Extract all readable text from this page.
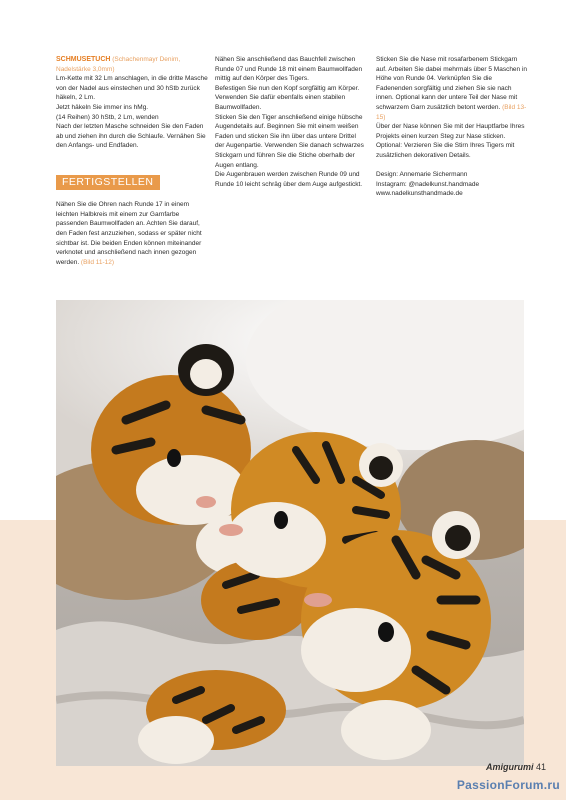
SCHMUSETUCH (Schachenmayr Denim, Nadelstärke 3,0mm)
Lm-Kette mit 32 Lm anschlagen, in die dritte Masche von der Nadel aus einstechen und 30 hStb zurück häkeln, 2 Lm.
Jetzt häkeln Sie immer ins hMg.
(14 Reihen) 30 hStb, 2 Lm, wenden
Nach der letzten Masche schneiden Sie den Faden ab und ziehen ihn durch die Schlaufe. Vernähen Sie den Anfangs- und Endfaden.

FERTIGSTELLEN

Nähen Sie die Ohren nach Runde 17 in einem leichten Halbkreis mit einem zur Garnfarbe passenden Baumwollfaden an. Achten Sie darauf, den Faden fest anzuziehen, sodass er später nicht sichtbar ist. Die beiden Enden können miteinander verknotet und anschließend nach innen gezogen werden. (Bild 11-12)

Nähen Sie anschließend das Bauchfell zwischen Runde 07 und Runde 18 mit einem Baumwollfaden mittig auf den Körper des Tigers.

Befestigen Sie nun den Kopf sorgfältig am Körper. Verwenden Sie dafür ebenfalls einen stabilen Baumwollfaden.

Sticken Sie den Tiger anschließend einige hübsche Augendetails auf. Beginnen Sie mit einem weißen Faden und sticken Sie ihn über das untere Drittel der Augenpartie. Verwenden Sie danach schwarzes Stickgarn und führen Sie die Stiche oberhalb der Augen entlang.

Die Augenbrauen werden zwischen Runde 09 und Runde 10 leicht schräg über dem Auge aufgestickt.

Sticken Sie die Nase mit rosafarbenem Stickgarn auf. Arbeiten Sie dabei mehrmals über 5 Maschen in Höhe von Runde 04. Verknüpfen Sie die Fadenenden sorgfältig und ziehen Sie sie nach innen. Optional kann der untere Teil der Nase mit schwarzem Garn zusätzlich betont werden. (Bild 13-15)

Über der Nase können Sie mit der Hauptfarbe Ihres Projekts einen kurzen Steg zur Nase sticken.

Optional: Verzieren Sie die Stirn Ihres Tigers mit zusätzlichen dekorativen Details.

Design: Annemarie Sichermann
Instagram: @nadelkunst.handmade
www.nadelkunsthandmade.de

Amigurumi 41
PassionForum.ru
